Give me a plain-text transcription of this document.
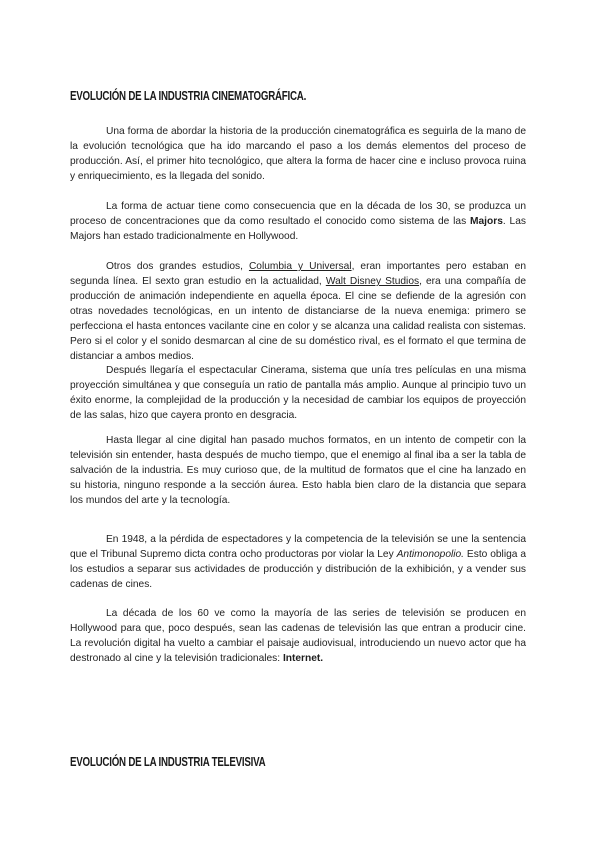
EVOLUCIÓN DE LA INDUSTRIA CINEMATOGRÁFICA.

Una forma de abordar la historia de la producción cinematográfica es seguirla de la mano de la evolución tecnológica que ha ido marcando el paso a los demás elementos del proceso de producción. Así, el primer hito tecnológico, que altera la forma de hacer cine e incluso provoca ruina y enriquecimiento, es la llegada del sonido.

La forma de actuar tiene como consecuencia que en la década de los 30, se produzca un proceso de concentraciones que da como resultado el conocido como sistema de las Majors. Las Majors han estado tradicionalmente en Hollywood.

Otros dos grandes estudios, Columbia y Universal, eran importantes pero estaban en segunda línea. El sexto gran estudio en la actualidad, Walt Disney Studios, era una compañía de producción de animación independiente en aquella época. El cine se defiende de la agresión con otras novedades tecnológicas, en un intento de distanciarse de la nueva enemiga: primero se perfecciona el hasta entonces vacilante cine en color y se alcanza una calidad realista con sistemas. Pero si el color y el sonido desmarcan al cine de su doméstico rival, es el formato el que termina de distanciar a ambos medios.

Después llegaría el espectacular Cinerama, sistema que unía tres películas en una misma proyección simultánea y que conseguía un ratio de pantalla más amplio. Aunque al principio tuvo un éxito enorme, la complejidad de la producción y la necesidad de cambiar los equipos de proyección de las salas, hizo que cayera pronto en desgracia.

Hasta llegar al cine digital han pasado muchos formatos, en un intento de competir con la televisión sin entender, hasta después de mucho tiempo, que el enemigo al final iba a ser la tabla de salvación de la industria. Es muy curioso que, de la multitud de formatos que el cine ha lanzado en su historia, ninguno responde a la sección áurea. Esto habla bien claro de la distancia que separa los mundos del arte y la tecnología.

En 1948, a la pérdida de espectadores y la competencia de la televisión se une la sentencia que el Tribunal Supremo dicta contra ocho productoras por violar la Ley Antimonopolio. Esto obliga a los estudios a separar sus actividades de producción y distribución de la exhibición, y a vender sus cadenas de cines.

La década de los 60 ve como la mayoría de las series de televisión se producen en Hollywood para que, poco después, sean las cadenas de televisión las que entran a producir cine. La revolución digital ha vuelto a cambiar el paisaje audiovisual, introduciendo un nuevo actor que ha destronado al cine y la televisión tradicionales: Internet.

EVOLUCIÓN DE LA INDUSTRIA TELEVISIVA
